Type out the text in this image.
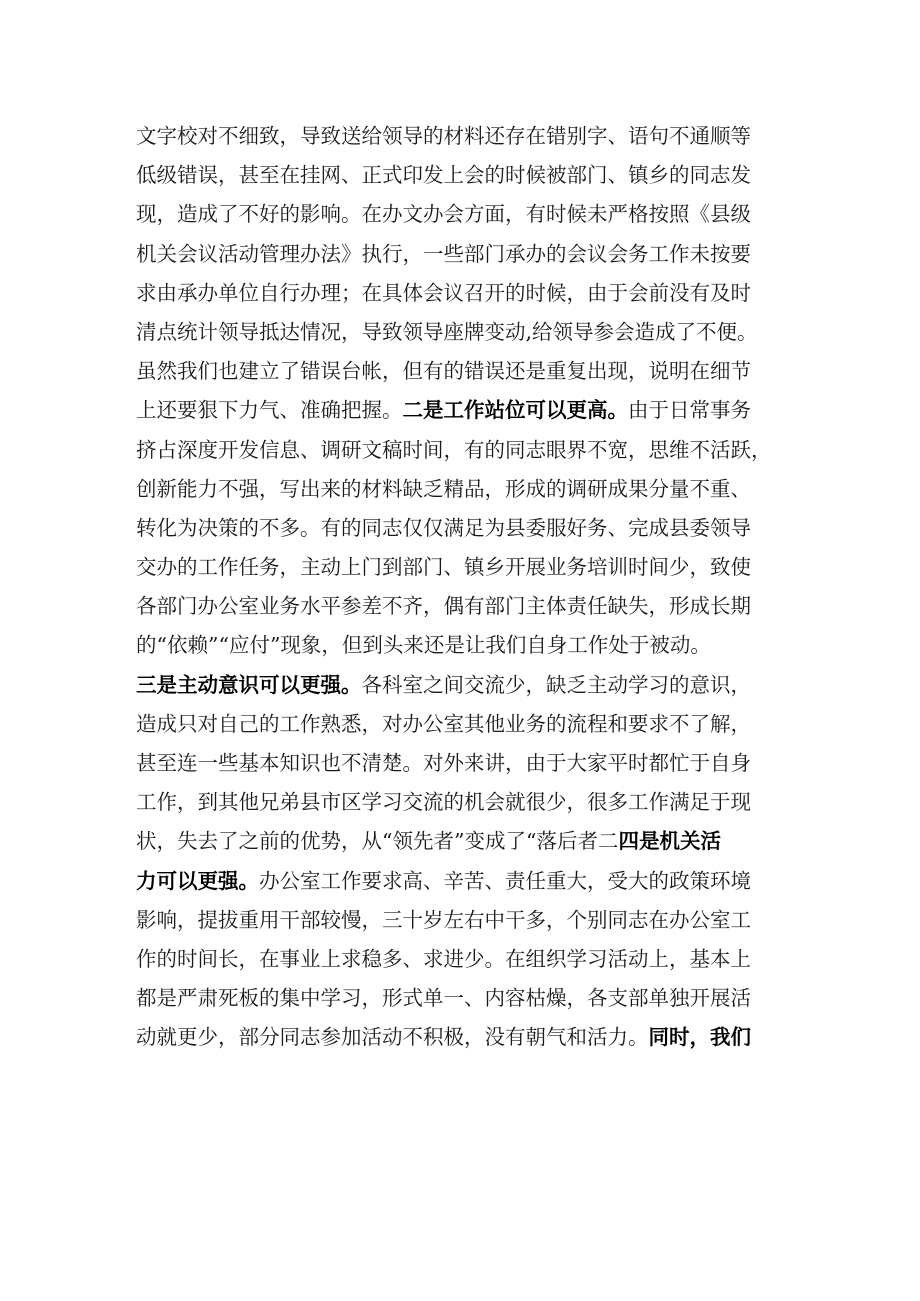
文字校对不细致，导致送给领导的材料还存在错别字、语句不通顺等
低级错误，甚至在挂网、正式印发上会的时候被部门、镇乡的同志发
现，造成了不好的影响。在办文办会方面，有时候未严格按照《县级
机关会议活动管理办法》执行，一些部门承办的会议会务工作未按要
求由承办单位自行办理；在具体会议召开的时候，由于会前没有及时
清点统计领导抵达情况，导致领导座牌变动,给领导参会造成了不便。
虽然我们也建立了错误台帐，但有的错误还是重复出现，说明在细节
上还要狠下力气、准确把握。二是工作站位可以更高。由于日常事务
挤占深度开发信息、调研文稿时间，有的同志眼界不宽，思维不活跃，
创新能力不强，写出来的材料缺乏精品，形成的调研成果分量不重、
转化为决策的不多。有的同志仅仅满足为县委服好务、完成县委领导
交办的工作任务，主动上门到部门、镇乡开展业务培训时间少，致使
各部门办公室业务水平参差不齐，偶有部门主体责任缺失，形成长期
的“依赖”“应付”现象，但到头来还是让我们自身工作处于被动。
三是主动意识可以更强。各科室之间交流少，缺乏主动学习的意识，
造成只对自己的工作熟悉，对办公室其他业务的流程和要求不了解，
甚至连一些基本知识也不清楚。对外来讲，由于大家平时都忙于自身
工作，到其他兄弟县市区学习交流的机会就很少，很多工作满足于现
状，失去了之前的优势，从“领先者”变成了“落后者二四是机关活
力可以更强。办公室工作要求高、辛苦、责任重大，受大的政策环境
影响，提拔重用干部较慢，三十岁左右中干多，个别同志在办公室工
作的时间长，在事业上求稳多、求进少。在组织学习活动上，基本上
都是严肃死板的集中学习，形式单一、内容枯燥，各支部单独开展活
动就更少，部分同志参加活动不积极，没有朝气和活力。同时，我们
